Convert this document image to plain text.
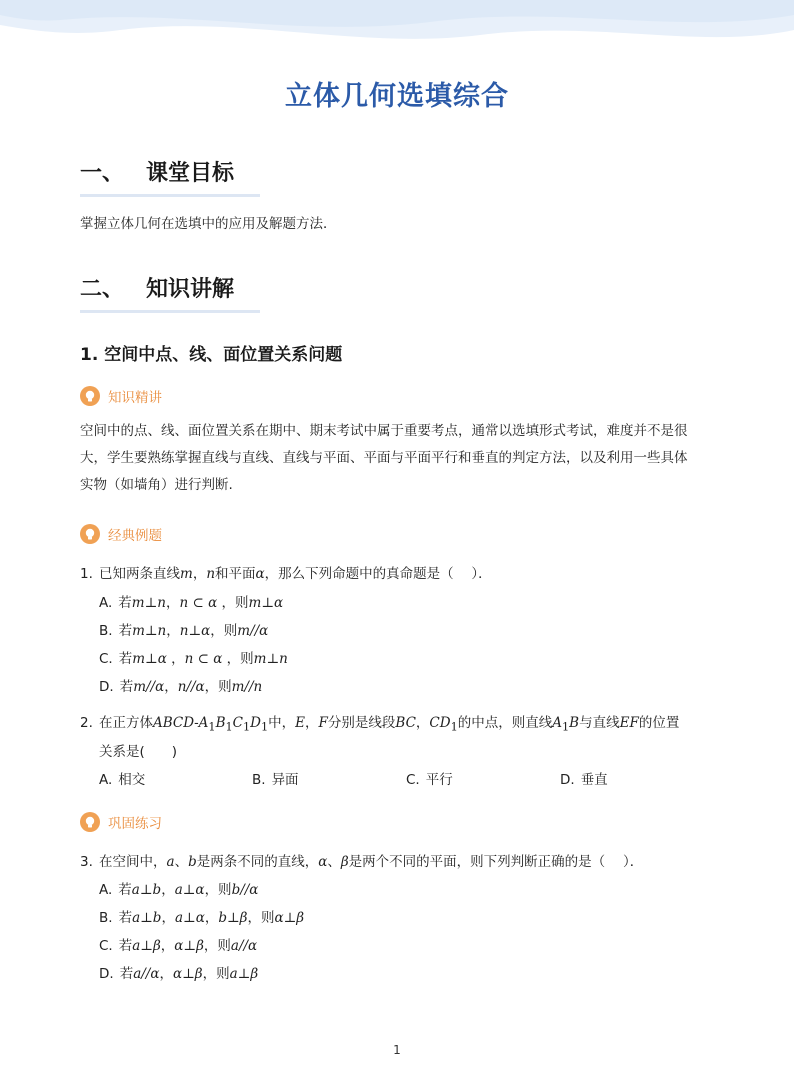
立体几何选填综合
一、 课堂目标
掌握立体几何在选填中的应用及解题方法．
二、 知识讲解
1. 空间中点、线、面位置关系问题
知识精讲
空间中的点、线、面位置关系在期中、期末考试中属于重要考点，通常以选填形式考试，难度并不是很
大，学生要熟练掌握直线与直线、直线与平面、平面与平面平行和垂直的判定方法，以及利用一些具体
实物（如墙角）进行判断.
经典例题
1. 已知两条直线m，n和平面α，那么下列命题中的真命题是（　 ）．
A. 若m⊥n，n ⊂ α ，则m⊥α
B. 若m⊥n，n⊥α，则m//α
C. 若m⊥α ，n ⊂ α ，则m⊥n
D. 若m//α，n//α，则m//n
2. 在正方体ABCD-$A_1B_1C_1D_1$中，E，F分别是线段BC，$CD_1$的中点，则直线$A_1B$与直线EF的位置
关系是(　　)
A. 相交	B. 异面	C. 平行	D. 垂直
巩固练习
3. 在空间中，a、b是两条不同的直线，α、β是两个不同的平面，则下列判断正确的是（　 ）．
A. 若a⊥b，a⊥α，则b//α
B. 若a⊥b，a⊥α，b⊥β，则α⊥β
C. 若a⊥β，α⊥β，则a//α
D. 若a//α，α⊥β，则a⊥β
1
